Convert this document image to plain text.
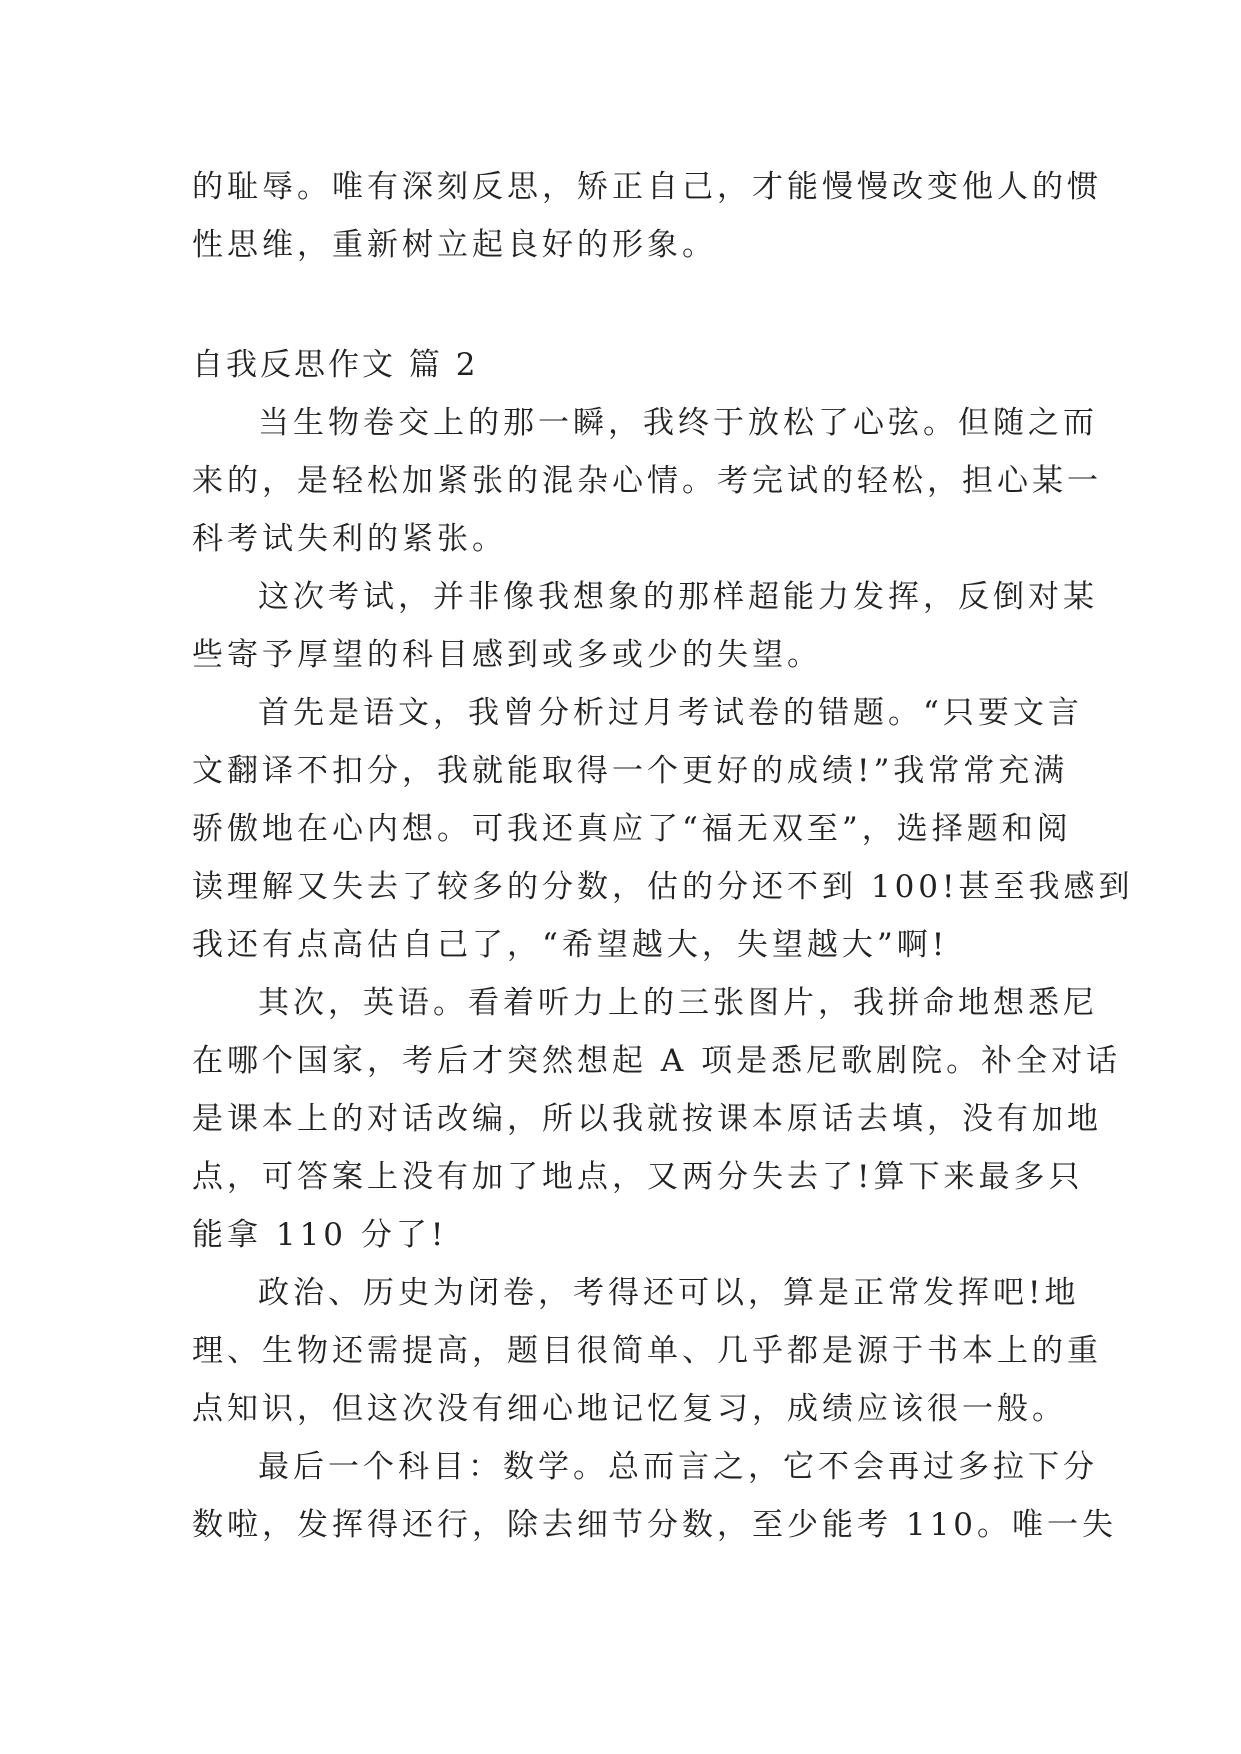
的耻辱。唯有深刻反思，矫正自己，才能慢慢改变他人的惯
性思维，重新树立起良好的形象。
自我反思作文 篇 2
当生物卷交上的那一瞬，我终于放松了心弦。但随之而
来的，是轻松加紧张的混杂心情。考完试的轻松，担心某一
科考试失利的紧张。
这次考试，并非像我想象的那样超能力发挥，反倒对某
些寄予厚望的科目感到或多或少的失望。
首先是语文，我曾分析过月考试卷的错题。“只要文言
文翻译不扣分，我就能取得一个更好的成绩!”我常常充满
骄傲地在心内想。可我还真应了“福无双至”，选择题和阅
读理解又失去了较多的分数，估的分还不到 100!甚至我感到
我还有点高估自己了，“希望越大，失望越大”啊!
其次，英语。看着听力上的三张图片，我拼命地想悉尼
在哪个国家，考后才突然想起 A 项是悉尼歌剧院。补全对话
是课本上的对话改编，所以我就按课本原话去填，没有加地
点，可答案上没有加了地点，又两分失去了!算下来最多只
能拿 110 分了!
政治、历史为闭卷，考得还可以，算是正常发挥吧!地
理、生物还需提高，题目很简单、几乎都是源于书本上的重
点知识，但这次没有细心地记忆复习，成绩应该很一般。
最后一个科目：数学。总而言之，它不会再过多拉下分
数啦，发挥得还行，除去细节分数，至少能考 110。唯一失
